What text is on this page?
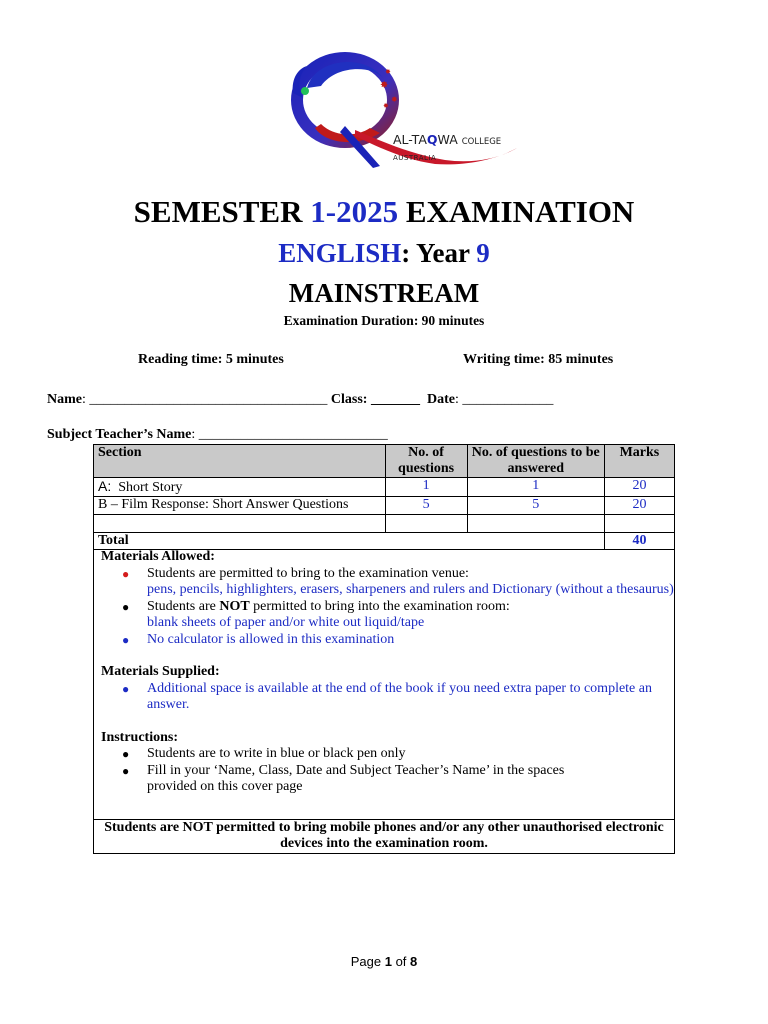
✸
✸
✸
✸
AL-TAQWA COLLEGE
AUSTRALIA
SEMESTER 1-2025 EXAMINATION
ENGLISH: Year 9
MAINSTREAM
Examination Duration: 90 minutes
Reading time: 5 minutes	Writing time: 85 minutes
Name: __________________________________ Class: _______  Date: _____________
Subject Teacher’s Name: ___________________________
Section	No. of questions	No. of questions to be answered	Marks
A: Short Story	1	1	20
B – Film Response: Short Answer Questions	5	5	20

Total			40
Materials Allowed:
● Students are permitted to bring to the examination venue:
pens, pencils, highlighters, erasers, sharpeners and rulers and Dictionary (without a thesaurus)
● Students are NOT permitted to bring into the examination room:
blank sheets of paper and/or white out liquid/tape
● No calculator is allowed in this examination
Materials Supplied:
● Additional space is available at the end of the book if you need extra paper to complete an answer.
Instructions:
● Students are to write in blue or black pen only
● Fill in your ‘Name, Class, Date and Subject Teacher’s Name’ in the spaces provided on this cover page
Students are NOT permitted to bring mobile phones and/or any other unauthorised electronic devices into the examination room.
Page 1 of 8
